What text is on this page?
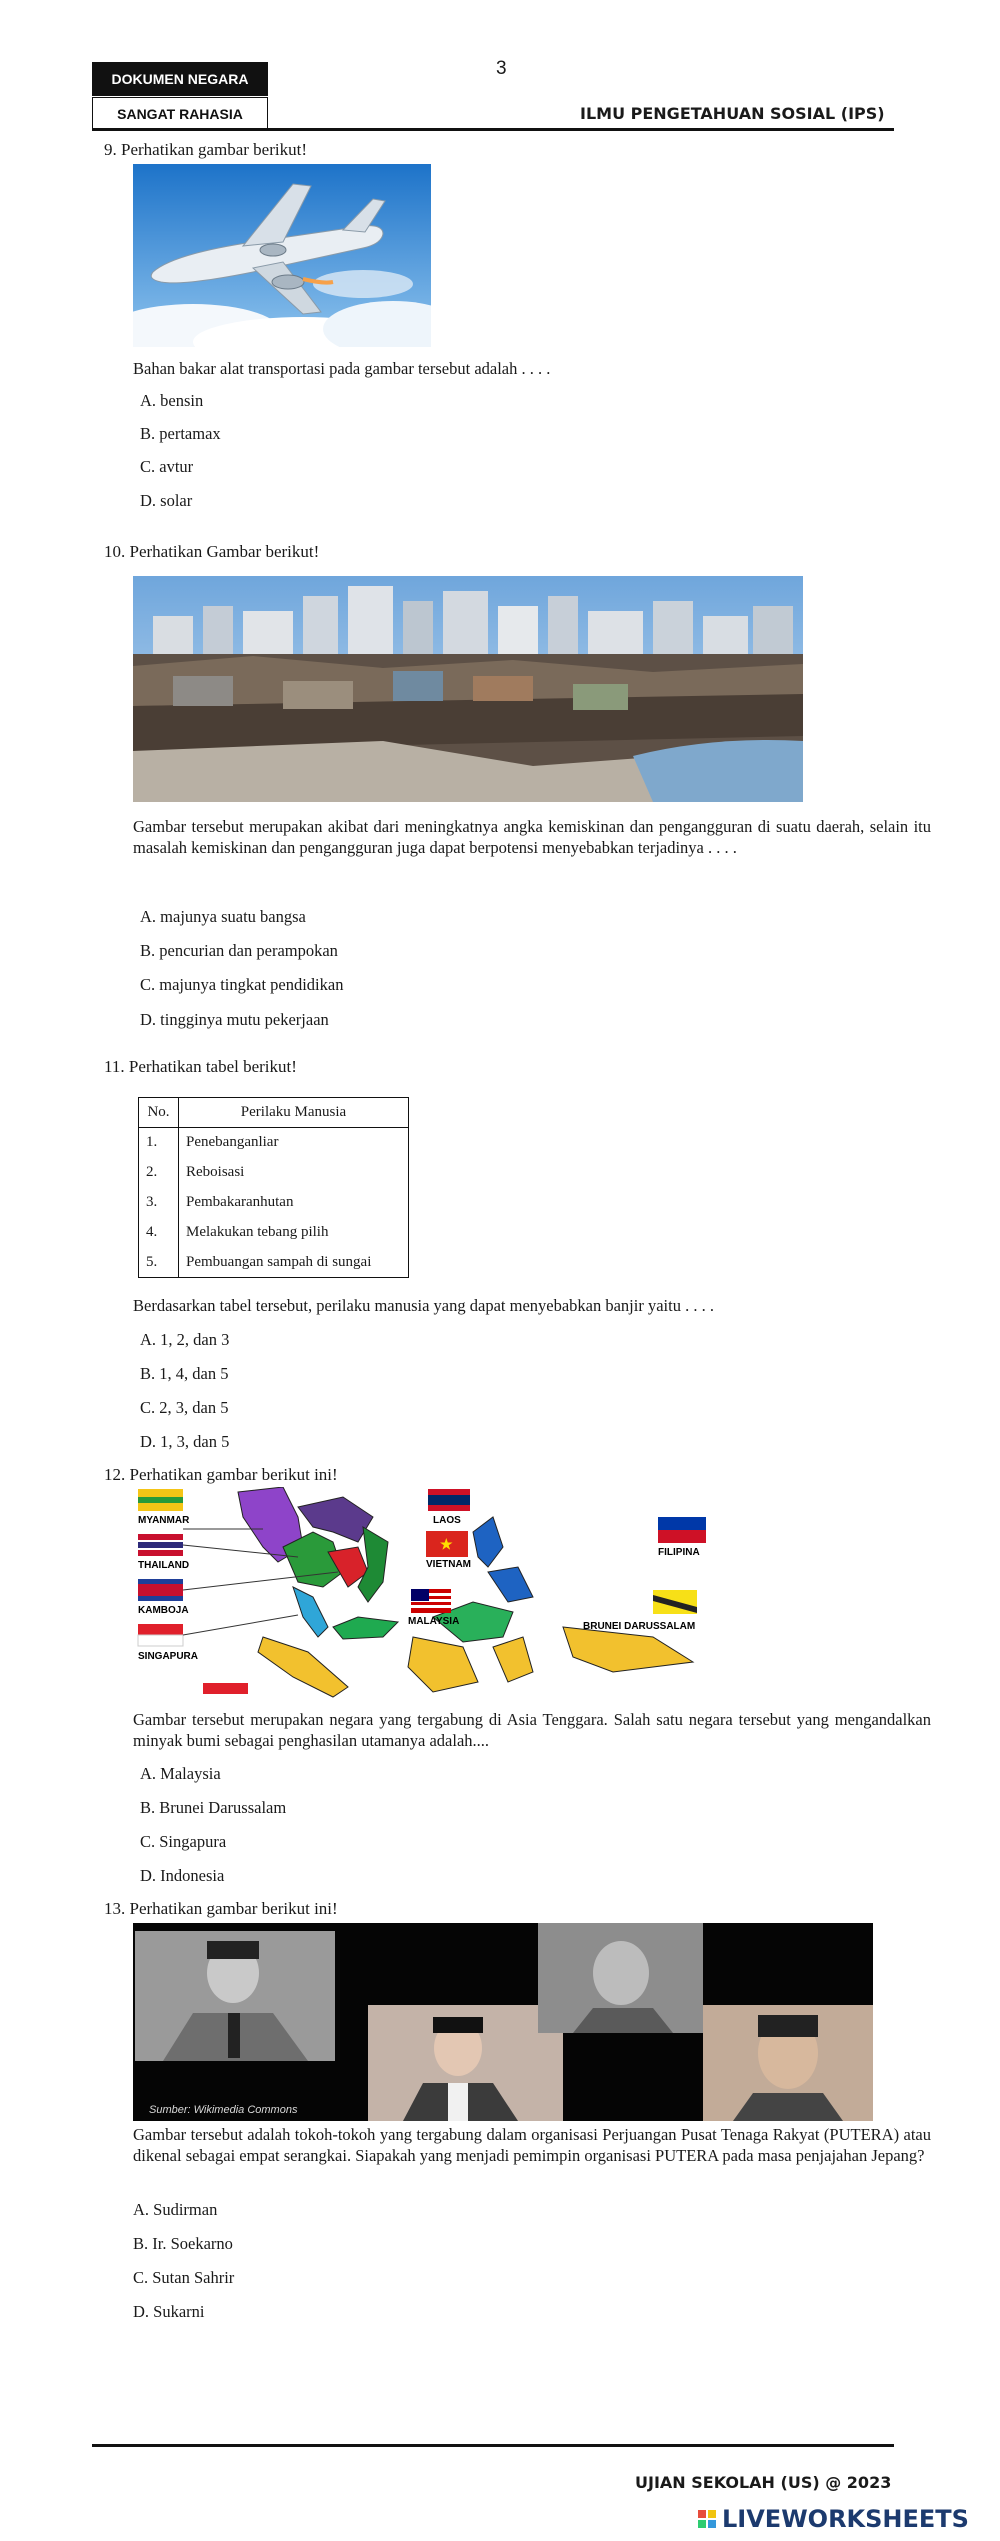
3
DOKUMEN NEGARA
SANGAT RAHASIA	ILMU PENGETAHUAN SOSIAL (IPS)
9. Perhatikan gambar berikut!
Bahan bakar alat transportasi pada gambar tersebut adalah . . . .
A. bensin
B. pertamax
C. avtur
D. solar
10. Perhatikan Gambar berikut!
Gambar tersebut merupakan akibat dari meningkatnya angka kemiskinan dan pengangguran di suatu daerah, selain itu masalah kemiskinan dan pengangguran juga dapat berpotensi menyebabkan terjadinya . . . .
A. majunya suatu bangsa
B. pencurian dan perampokan
C. majunya tingkat pendidikan
D. tingginya mutu pekerjaan
11. Perhatikan tabel berikut!
No.	Perilaku Manusia
1.	Penebanganliar
2.	Reboisasi
3.	Pembakaranhutan
4.	Melakukan tebang pilih
5.	Pembuangan sampah di sungai
Berdasarkan tabel tersebut, perilaku manusia yang dapat menyebabkan banjir yaitu . . . .
A. 1, 2, dan 3
B. 1, 4, dan 5
C. 2, 3, dan 5
D. 1, 3, dan 5
12. Perhatikan gambar berikut ini!
MYANMAR
THAILAND
KAMBOJA
SINGAPURA
LAOS
★
VIETNAM
MALAYSIA
FILIPINA
BRUNEI DARUSSALAM
Gambar tersebut merupakan negara yang tergabung di Asia Tenggara. Salah satu negara tersebut yang mengandalkan minyak bumi sebagai penghasilan utamanya adalah....
A. Malaysia
B. Brunei Darussalam
C. Singapura
D. Indonesia
13. Perhatikan gambar berikut ini!
Sumber: Wikimedia Commons
Gambar tersebut adalah tokoh-tokoh yang tergabung dalam organisasi Perjuangan Pusat Tenaga Rakyat (PUTERA) atau dikenal sebagai empat serangkai. Siapakah yang menjadi pemimpin organisasi PUTERA pada masa penjajahan Jepang?
A. Sudirman
B. Ir. Soekarno
C. Sutan Sahrir
D. Sukarni
UJIAN SEKOLAH (US) @ 2023
LIVEWORKSHEETS
